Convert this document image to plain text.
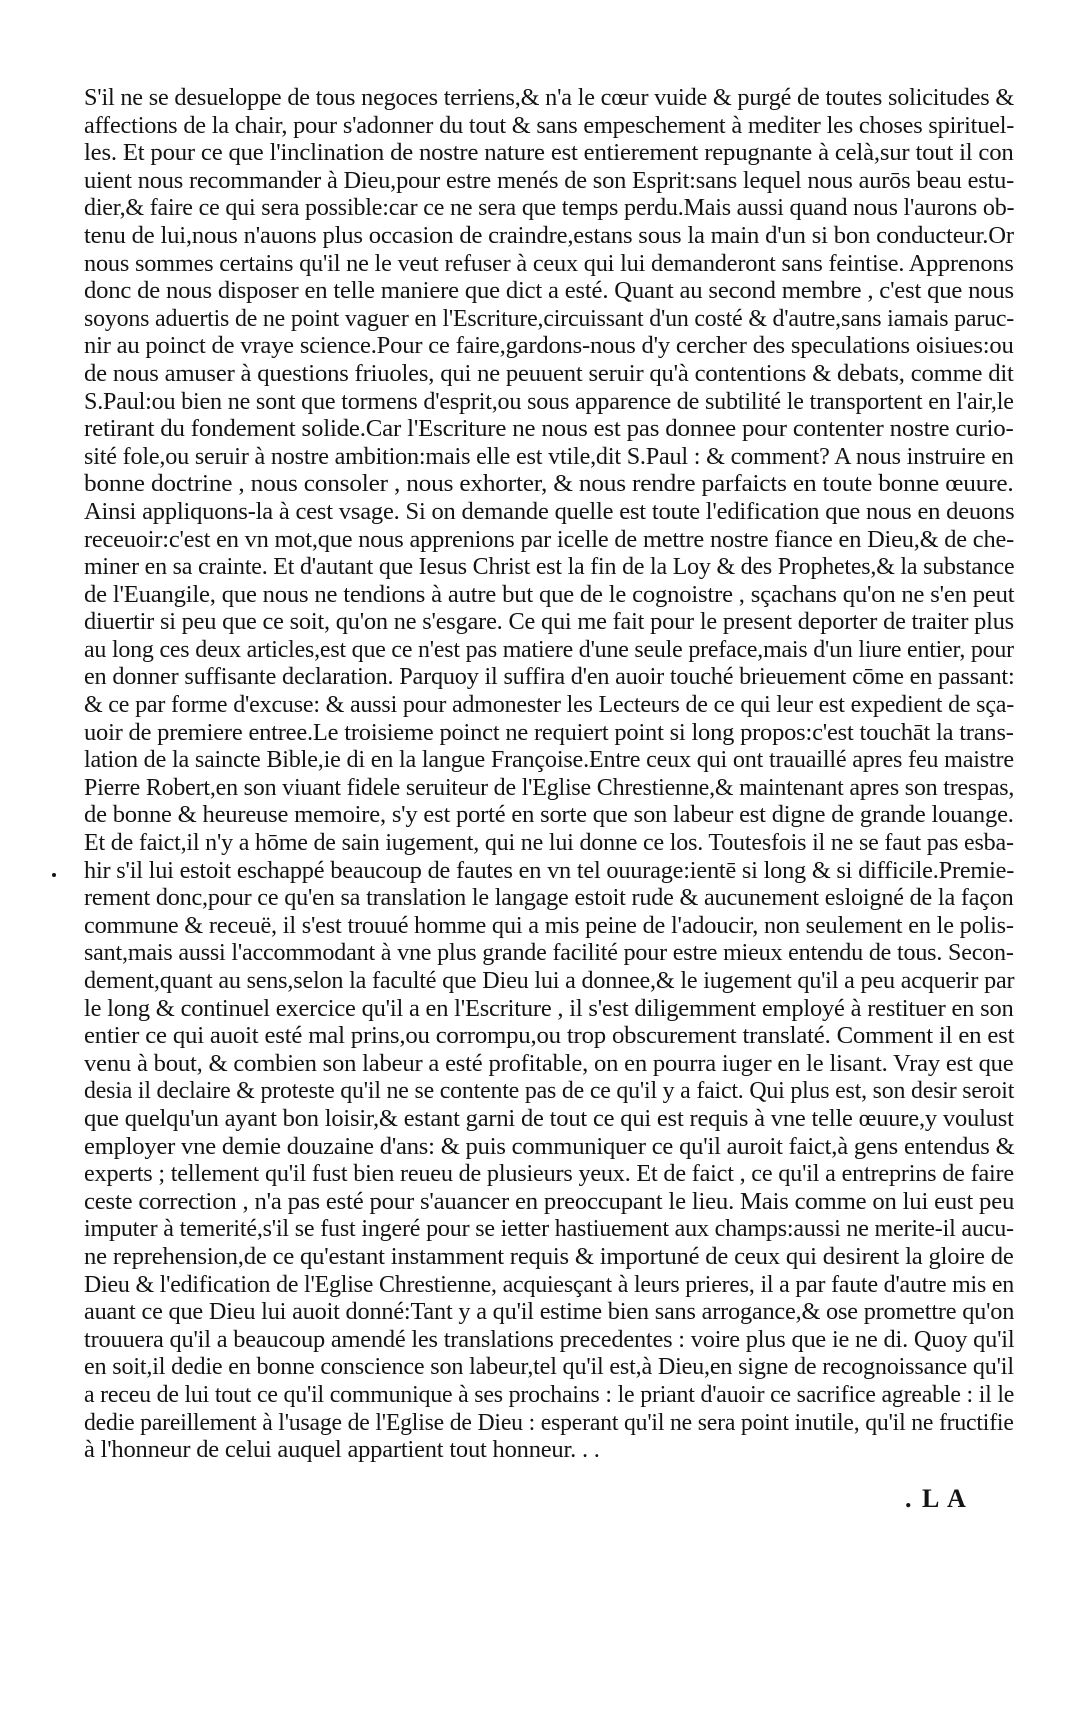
S'il ne se desueloppe de tous negoces terriens,& n'a le cœur vuide & purgé de toutes solicitudes &
affections de la chair, pour s'adonner du tout & sans empeschement à mediter les choses spirituel-
les. Et pour ce que l'inclination de nostre nature est entierement repugnante à celà,sur tout il con
uient nous recommander à Dieu,pour estre menés de son Esprit:sans lequel nous aurōs beau estu-
dier,& faire ce qui sera possible:car ce ne sera que temps perdu.Mais aussi quand nous l'aurons ob-
tenu de lui,nous n'auons plus occasion de craindre,estans sous la main d'un si bon conducteur.Or
nous sommes certains qu'il ne le veut refuser à ceux qui lui demanderont sans feintise. Apprenons
donc de nous disposer en telle maniere que dict a esté. Quant au second membre , c'est que nous
soyons aduertis de ne point vaguer en l'Escriture,circuissant d'un costé & d'autre,sans iamais paruc-
nir au poinct de vraye science.Pour ce faire,gardons-nous d'y cercher des speculations oisiues:ou
de nous amuser à questions friuoles, qui ne peuuent seruir qu'à contentions & debats, comme dit
S.Paul:ou bien ne sont que tormens d'esprit,ou sous apparence de subtilité le transportent en l'air,le
retirant du fondement solide.Car l'Escriture ne nous est pas donnee pour contenter nostre curio-
sité fole,ou seruir à nostre ambition:mais elle est vtile,dit S.Paul : & comment? A nous instruire en
bonne doctrine , nous consoler , nous exhorter, & nous rendre parfaicts en toute bonne œuure.
Ainsi appliquons-la à cest vsage. Si on demande quelle est toute l'edification que nous en deuons
receuoir:c'est en vn mot,que nous apprenions par icelle de mettre nostre fiance en Dieu,& de che-
miner en sa crainte. Et d'autant que Iesus Christ est la fin de la Loy & des Prophetes,& la substance
de l'Euangile, que nous ne tendions à autre but que de le cognoistre , sçachans qu'on ne s'en peut
diuertir si peu que ce soit, qu'on ne s'esgare. Ce qui me fait pour le present deporter de traiter plus
au long ces deux articles,est que ce n'est pas matiere d'une seule preface,mais d'un liure entier, pour
en donner suffisante declaration. Parquoy il suffira d'en auoir touché brieuement cōme en passant:
& ce par forme d'excuse: & aussi pour admonester les Lecteurs de ce qui leur est expedient de sça-
uoir de premiere entree.Le troisieme poinct ne requiert point si long propos:c'est touchāt la trans-
lation de la saincte Bible,ie di en la langue Françoise.Entre ceux qui ont trauaillé apres feu maistre
Pierre Robert,en son viuant fidele seruiteur de l'Eglise Chrestienne,& maintenant apres son trespas,
de bonne & heureuse memoire, s'y est porté en sorte que son labeur est digne de grande louange.
Et de faict,il n'y a hōme de sain iugement, qui ne lui donne ce los. Toutesfois il ne se faut pas esba-
hir s'il lui estoit eschappé beaucoup de fautes en vn tel ouurage:ientē si long & si difficile.Premie-
rement donc,pour ce qu'en sa translation le langage estoit rude & aucunement esloigné de la façon
commune & receuë, il s'est trouué homme qui a mis peine de l'adoucir, non seulement en le polis-
sant,mais aussi l'accommodant à vne plus grande facilité pour estre mieux entendu de tous. Secon-
dement,quant au sens,selon la faculté que Dieu lui a donnee,& le iugement qu'il a peu acquerir par
le long & continuel exercice qu'il a en l'Escriture , il s'est diligemment employé à restituer en son
entier ce qui auoit esté mal prins,ou corrompu,ou trop obscurement translaté. Comment il en est
venu à bout, & combien son labeur a esté profitable, on en pourra iuger en le lisant. Vray est que
desia il declaire & proteste qu'il ne se contente pas de ce qu'il y a faict. Qui plus est, son desir seroit
que quelqu'un ayant bon loisir,& estant garni de tout ce qui est requis à vne telle œuure,y voulust
employer vne demie douzaine d'ans: & puis communiquer ce qu'il auroit faict,à gens entendus &
experts ; tellement qu'il fust bien reueu de plusieurs yeux. Et de faict , ce qu'il a entreprins de faire
ceste correction , n'a pas esté pour s'auancer en preoccupant le lieu. Mais comme on lui eust peu
imputer à temerité,s'il se fust ingeré pour se ietter hastiuement aux champs:aussi ne merite-il aucu-
ne reprehension,de ce qu'estant instamment requis & importuné de ceux qui desirent la gloire de
Dieu & l'edification de l'Eglise Chrestienne, acquiesçant à leurs prieres, il a par faute d'autre mis en
auant ce que Dieu lui auoit donné:Tant y a qu'il estime bien sans arrogance,& ose promettre qu'on
trouuera qu'il a beaucoup amendé les translations precedentes : voire plus que ie ne di. Quoy qu'il
en soit,il dedie en bonne conscience son labeur,tel qu'il est,à Dieu,en signe de recognoissance qu'il
a receu de lui tout ce qu'il communique à ses prochains : le priant d'auoir ce sacrifice agreable : il le
dedie pareillement à l'usage de l'Eglise de Dieu : esperant qu'il ne sera point inutile, qu'il ne fructifie
à l'honneur de celui auquel appartient tout honneur. . .
. L A
